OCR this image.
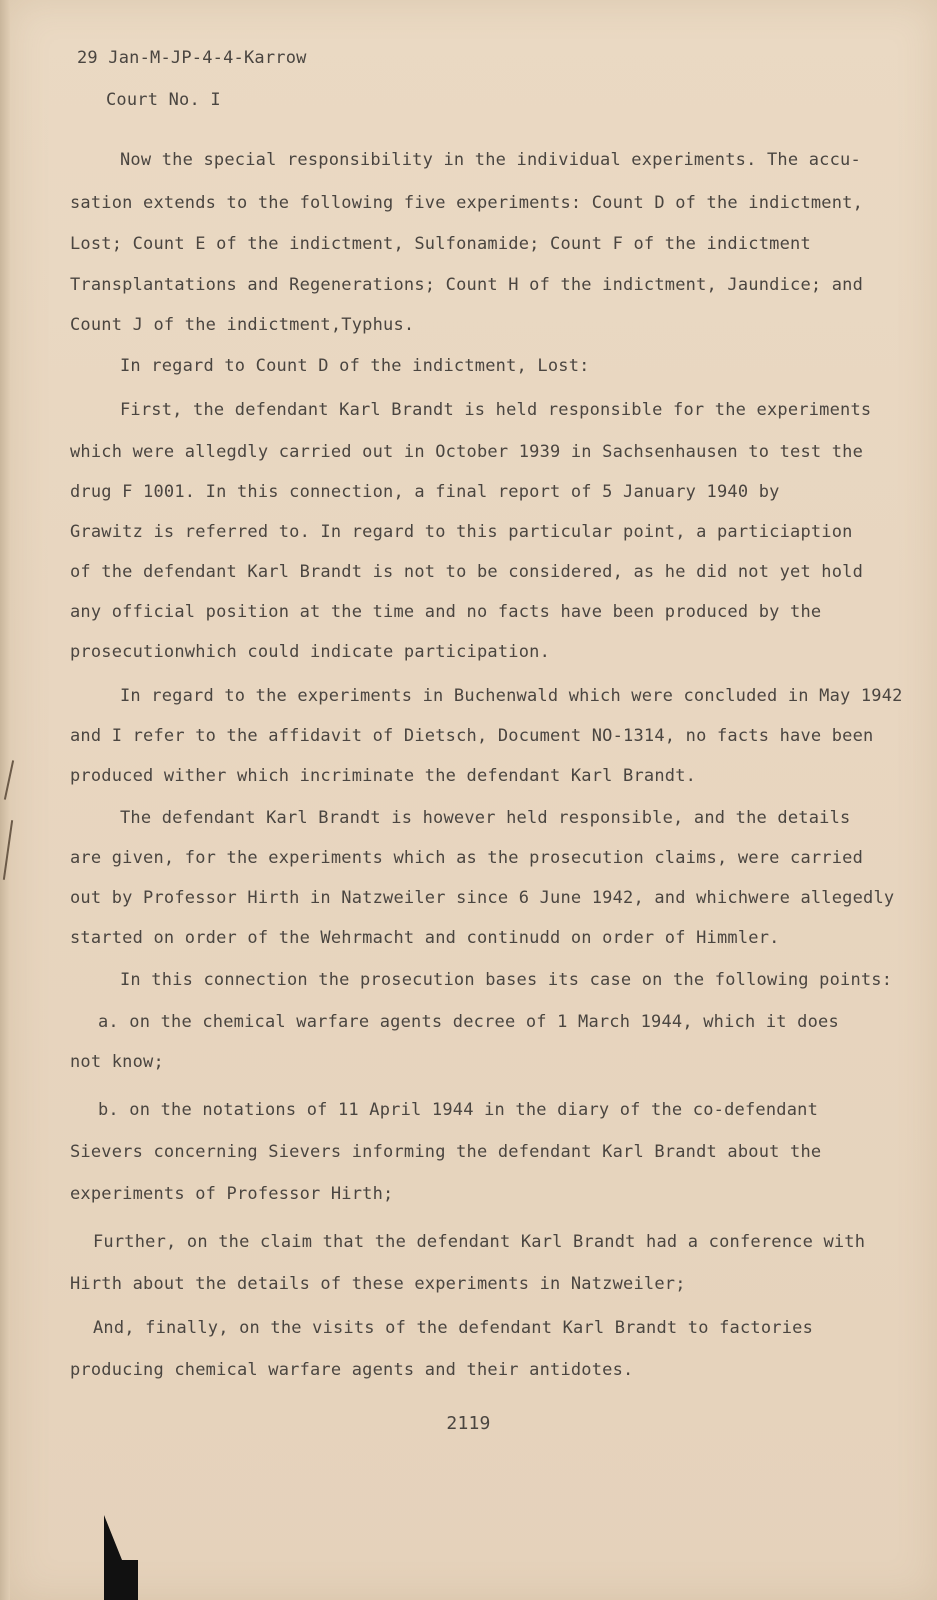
29 Jan-M-JP-4-4-Karrow
Court No. I
Now the special responsibility in the individual experiments. The accu-
sation extends to the following five experiments: Count D of the indictment,
Lost; Count E of the indictment, Sulfonamide; Count F of the indictment
Transplantations and Regenerations; Count H of the indictment, Jaundice; and
Count J of the indictment,Typhus.
In regard to Count D of the indictment, Lost:
First, the defendant Karl Brandt is held responsible for the experiments
which were allegdly carried out in October 1939 in Sachsenhausen to test the
drug F 1001. In this connection, a final report of 5 January 1940 by
Grawitz is referred to. In regard to this particular point, a particiaption
of the defendant Karl Brandt is not to be considered, as he did not yet hold
any official position at the time and no facts have been produced by the
prosecutionwhich could indicate participation.
In regard to the experiments in Buchenwald which were concluded in May 1942
and I refer to the affidavit of Dietsch, Document NO-1314, no facts have been
produced wither which incriminate the defendant Karl Brandt.
The defendant Karl Brandt is however held responsible, and the details
are given, for the experiments which as the prosecution claims, were carried
out by Professor Hirth in Natzweiler since 6 June 1942, and whichwere allegedly
started on order of the Wehrmacht and continudd on order of Himmler.
In this connection the prosecution bases its case on the following points:
a. on the chemical warfare agents decree of 1 March 1944, which it does
not know;
b. on the notations of 11 April 1944 in the diary of the co-defendant
Sievers concerning Sievers informing the defendant Karl Brandt about the
experiments of Professor Hirth;
Further, on the claim that the defendant Karl Brandt had a conference with
Hirth about the details of these experiments in Natzweiler;
And, finally, on the visits of the defendant Karl Brandt to factories
producing chemical warfare agents and their antidotes.
2119
